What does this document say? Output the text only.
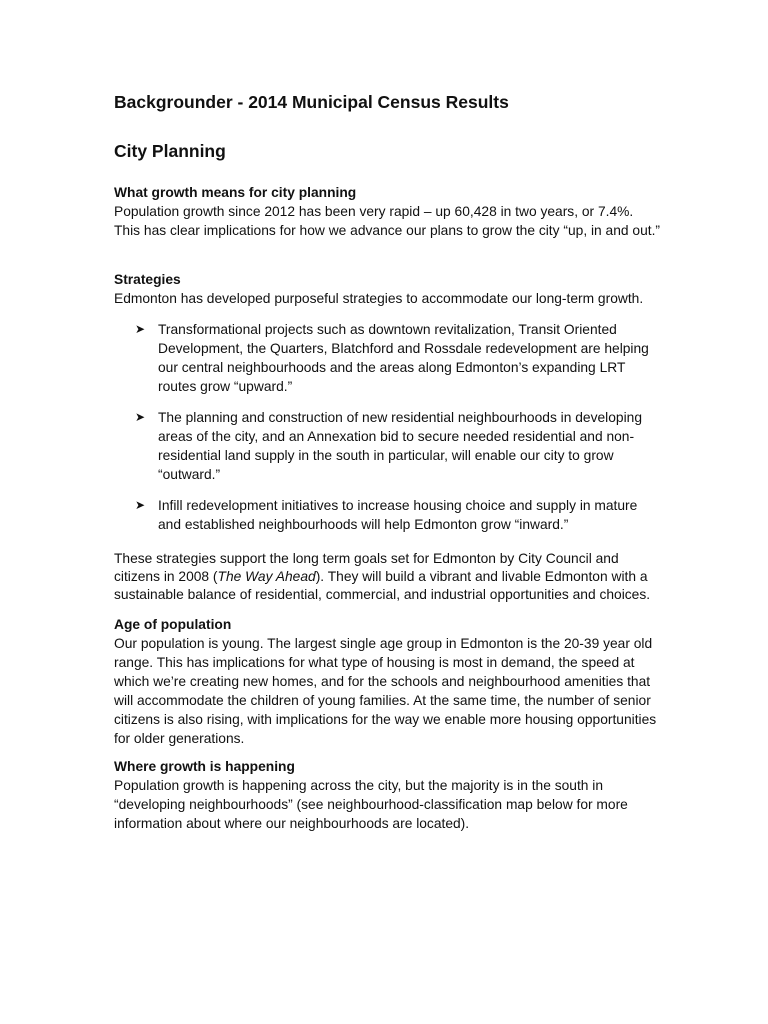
Backgrounder - 2014 Municipal Census Results
City Planning
What growth means for city planning

Population growth since 2012 has been very rapid – up 60,428 in two years, or 7.4%. This has clear implications for how we advance our plans to grow the city “up, in and out.”

Strategies

Edmonton has developed purposeful strategies to accommodate our long-term growth.

➤ Transformational projects such as downtown revitalization, Transit Oriented Development, the Quarters, Blatchford and Rossdale redevelopment are helping our central neighbourhoods and the areas along Edmonton’s expanding LRT routes grow “upward.”
➤ The planning and construction of new residential neighbourhoods in developing areas of the city, and an Annexation bid to secure needed residential and non-residential land supply in the south in particular, will enable our city to grow “outward.”
➤ Infill redevelopment initiatives to increase housing choice and supply in mature and established neighbourhoods will help Edmonton grow “inward.”

These strategies support the long term goals set for Edmonton by City Council and citizens in 2008 (The Way Ahead). They will build a vibrant and livable Edmonton with a sustainable balance of residential, commercial, and industrial opportunities and choices.

Age of population

Our population is young. The largest single age group in Edmonton is the 20-39 year old range. This has implications for what type of housing is most in demand, the speed at which we’re creating new homes, and for the schools and neighbourhood amenities that will accommodate the children of young families. At the same time, the number of senior citizens is also rising, with implications for the way we enable more housing opportunities for older generations.

Where growth is happening

Population growth is happening across the city, but the majority is in the south in “developing neighbourhoods” (see neighbourhood-classification map below for more information about where our neighbourhoods are located).
